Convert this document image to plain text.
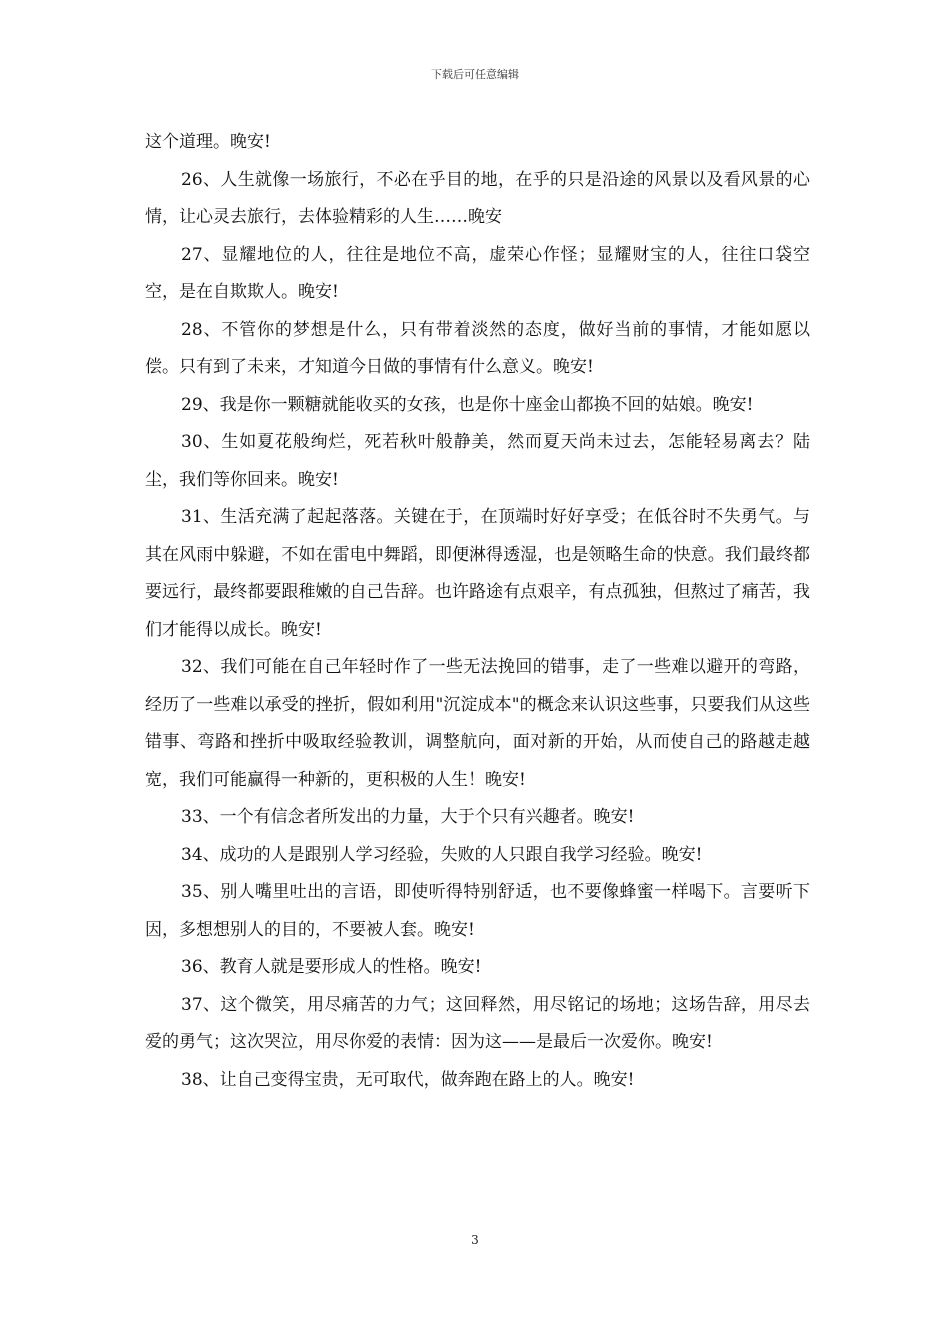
下载后可任意编辑

这个道理。晚安!

26、人生就像一场旅行，不必在乎目的地，在乎的只是沿途的风景以及看风景的心情，让心灵去旅行，去体验精彩的人生……晚安

27、显耀地位的人，往往是地位不高，虚荣心作怪；显耀财宝的人，往往口袋空空，是在自欺欺人。晚安!

28、不管你的梦想是什么，只有带着淡然的态度，做好当前的事情，才能如愿以偿。只有到了未来，才知道今日做的事情有什么意义。晚安!

29、我是你一颗糖就能收买的女孩，也是你十座金山都换不回的姑娘。晚安!

30、生如夏花般绚烂，死若秋叶般静美，然而夏天尚未过去，怎能轻易离去？陆尘，我们等你回来。晚安!

31、生活充满了起起落落。关键在于，在顶端时好好享受；在低谷时不失勇气。与其在风雨中躲避，不如在雷电中舞蹈，即便淋得透湿，也是领略生命的快意。我们最终都要远行，最终都要跟稚嫩的自己告辞。也许路途有点艰辛，有点孤独，但熬过了痛苦，我们才能得以成长。晚安!

32、我们可能在自己年轻时作了一些无法挽回的错事，走了一些难以避开的弯路，经历了一些难以承受的挫折，假如利用"沉淀成本"的概念来认识这些事，只要我们从这些错事、弯路和挫折中吸取经验教训，调整航向，面对新的开始，从而使自己的路越走越宽，我们可能赢得一种新的，更积极的人生！晚安!

33、一个有信念者所发出的力量，大于个只有兴趣者。晚安!

34、成功的人是跟别人学习经验，失败的人只跟自我学习经验。晚安!

35、别人嘴里吐出的言语，即使听得特别舒适，也不要像蜂蜜一样喝下。言要听下因，多想想别人的目的，不要被人套。晚安!

36、教育人就是要形成人的性格。晚安!

37、这个微笑，用尽痛苦的力气；这回释然，用尽铭记的场地；这场告辞，用尽去爱的勇气；这次哭泣，用尽你爱的表情：因为这——是最后一次爱你。晚安!

38、让自己变得宝贵，无可取代，做奔跑在路上的人。晚安!

3
